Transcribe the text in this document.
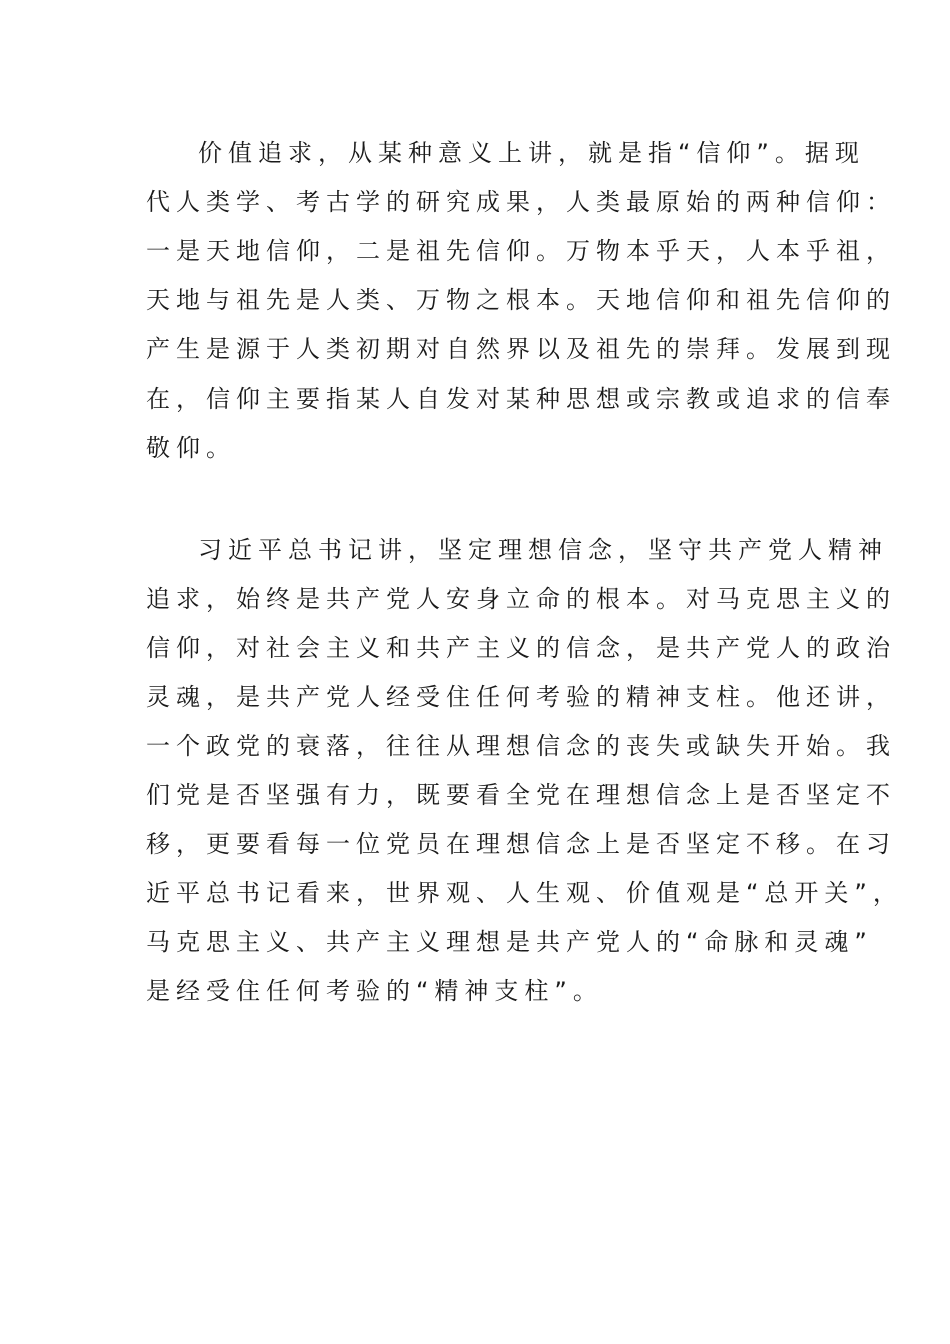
价值追求，从某种意义上讲，就是指“信仰”。据现
代人类学、考古学的研究成果，人类最原始的两种信仰：
一是天地信仰，二是祖先信仰。万物本乎天，人本乎祖，
天地与祖先是人类、万物之根本。天地信仰和祖先信仰的
产生是源于人类初期对自然界以及祖先的崇拜。发展到现
在，信仰主要指某人自发对某种思想或宗教或追求的信奉
敬仰。
习近平总书记讲，坚定理想信念，坚守共产党人精神
追求，始终是共产党人安身立命的根本。对马克思主义的
信仰，对社会主义和共产主义的信念，是共产党人的政治
灵魂，是共产党人经受住任何考验的精神支柱。他还讲，
一个政党的衰落，往往从理想信念的丧失或缺失开始。我
们党是否坚强有力，既要看全党在理想信念上是否坚定不
移，更要看每一位党员在理想信念上是否坚定不移。在习
近平总书记看来，世界观、人生观、价值观是“总开关”，
马克思主义、共产主义理想是共产党人的“命脉和灵魂”
是经受住任何考验的“精神支柱”。
